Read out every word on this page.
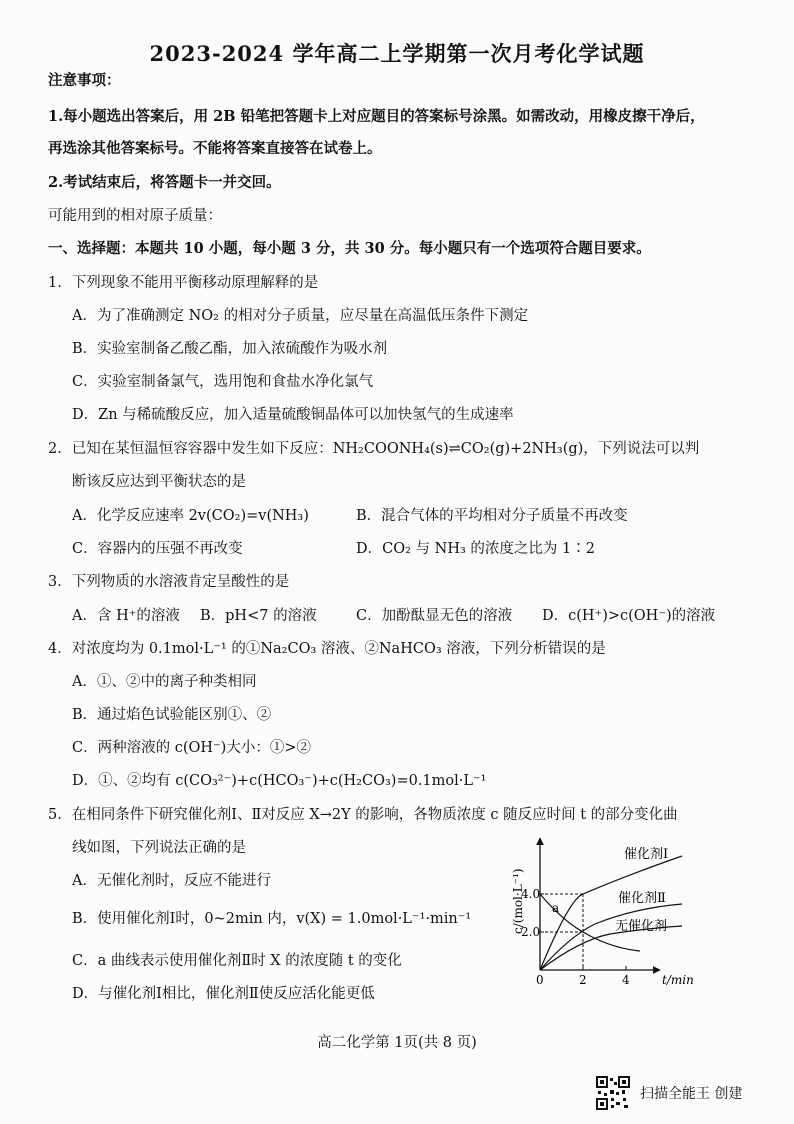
2023-2024 学年高二上学期第一次月考化学试题
注意事项：
1.每小题选出答案后，用 2B 铅笔把答题卡上对应题目的答案标号涂黑。如需改动，用橡皮擦干净后，
再选涂其他答案标号。不能将答案直接答在试卷上。
2.考试结束后，将答题卡一并交回。
可能用到的相对原子质量：
一、选择题：本题共 10 小题，每小题 3 分，共 30 分。每小题只有一个选项符合题目要求。
1．下列现象不能用平衡移动原理解释的是
A．为了准确测定 NO₂ 的相对分子质量，应尽量在高温低压条件下测定
B．实验室制备乙酸乙酯，加入浓硫酸作为吸水剂
C．实验室制备氯气，选用饱和食盐水净化氯气
D．Zn 与稀硫酸反应，加入适量硫酸铜晶体可以加快氢气的生成速率
2．已知在某恒温恒容容器中发生如下反应：NH₂COONH₄(s)⇌CO₂(g)+2NH₃(g)，下列说法可以判
断该反应达到平衡状态的是
A．化学反应速率 2v(CO₂)=v(NH₃)	B．混合气体的平均相对分子质量不再改变
C．容器内的压强不再改变	D．CO₂ 与 NH₃ 的浓度之比为 1∶2
3．下列物质的水溶液肯定呈酸性的是
A．含 H⁺的溶液 B．pH<7 的溶液	C．加酚酞显无色的溶液 D．c(H⁺)>c(OH⁻)的溶液
4．对浓度均为 0.1mol·L⁻¹ 的①Na₂CO₃ 溶液、②NaHCO₃ 溶液，下列分析错误的是
A．①、②中的离子种类相同
B．通过焰色试验能区别①、②
C．两种溶液的 c(OH⁻)大小：①>②
D．①、②均有 c(CO₃²⁻)+c(HCO₃⁻)+c(H₂CO₃)=0.1mol·L⁻¹
5．在相同条件下研究催化剂Ⅰ、Ⅱ对反应 X→2Y 的影响，各物质浓度 c 随反应时间 t 的部分变化曲
线如图，下列说法正确的是
A．无催化剂时，反应不能进行
B．使用催化剂Ⅰ时，0~2min 内，v(X) = 1.0mol·L⁻¹·min⁻¹
C．a 曲线表示使用催化剂Ⅱ时 X 的浓度随 t 的变化
D．与催化剂Ⅰ相比，催化剂Ⅱ使反应活化能更低
c/(mol·L⁻¹)
t/min
4.0
2.0
0	2	4
a
催化剂Ⅰ
催化剂Ⅱ
无催化剂
高二化学第 1页(共 8 页)
扫描全能王 创建
